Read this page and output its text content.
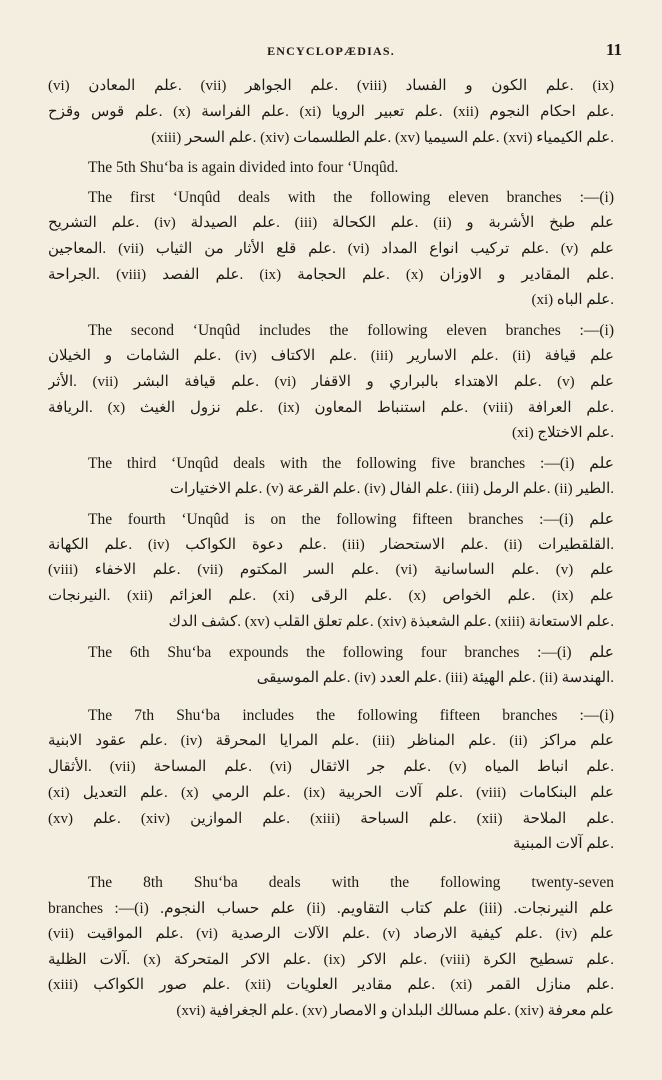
ENCYCLOPÆDIAS.	11
(ix) .علم الكون و الفساد (viii) .علم الجواهر (vii) .علم المعادن (vi)
.علم احكام النجوم (xii) .علم تعبير الرويا (xi) .علم الفراسة (x) .علم قوس وقزح
.علم الكيمياء (xvi) .علم السيميا (xv) .علم الطلسمات (xiv) .علم السحر (xiii)
The 5th Shu‘ba is again divided into four ‘Unqûd.
The first ‘Unqûd deals with the following eleven branches :—(i)
علم طبخ الأشربة و (ii) .علم الكحالة (iii) .علم الصيدلة (iv) .علم التشريح
علم (v) .علم تركيب انواع المداد (vi) .علم قلع الأثار من الثياب (vii) .المعاجين
.علم المقادير و الاوزان (x) .علم الحجامة (ix) .علم الفصد (viii) .الجراحة
.علم الباه (xi)
The second ‘Unqûd includes the following eleven branches :—(i)
علم قيافة (ii) .علم الاسارير (iii) .علم الاكتاف (iv) .علم الشامات و الخيلان
علم (v) .علم الاهتداء بالبراري و الاقفار (vi) .علم قيافة البشر (vii) .الأثر
.علم العرافة (viii) .علم استنباط المعاون (ix) .علم نزول الغيث (x) .الريافة
.علم الاختلاج (xi)
The third ‘Unqûd deals with the following five branches :—(i) علم
.الطير (ii) .علم الرمل (iii) .علم الفال (iv) .علم القرعة (v) .علم الاختيارات
The fourth ‘Unqûd is on the following fifteen branches :—(i) علم
.القلقطيرات (ii) .علم الاستحضار (iii) .علم دعوة الكواكب (iv) .علم الكهانة
علم (v) .علم الساسانية (vi) .علم السر المكتوم (vii) .علم الاخفاء (viii)
علم (ix) .علم الخواص (x) .علم الرقى (xi) .علم العزائم (xii) .النيرنجات
.علم الاستعانة (xiii) .علم الشعبذة (xiv) .علم تعلق القلب (xv) .كشف الدك
The 6th Shu‘ba expounds the following four branches :—(i) علم
.الهندسة (ii) .علم الهيئة (iii) .علم العدد (iv) .علم الموسيقى
The 7th Shu‘ba includes the following fifteen branches :—(i)
علم مراكز (ii) .علم المناظر (iii) .علم المرايا المحرقة (iv) .علم عقود الابنية
.علم انباط المياه (v) .علم جر الاثقال (vi) .علم المساحة (vii) .الأثقال
علم البنكامات (viii) .علم آلات الحربية (ix) .علم الرمي (x) .علم التعديل (xi)
.علم الملاحة (xii) .علم السباحة (xiii) .علم الموازين (xiv) .علم (xv)
.علم آلات المبنية
The 8th Shu‘ba deals with the following twenty-seven
branches :—(i) .علم حساب النجوم (ii) .علم كتاب التقاويم (iii) .علم النيرنجات
علم (iv) .علم كيفية الارصاد (v) .علم الآلات الرصدية (vi) .علم المواقيت (vii)
.علم تسطيح الكرة (viii) .علم الاكر (ix) .علم الاكر المتحركة (x) .آلات الظلية
.علم منازل القمر (xi) .علم مقادير العلويات (xii) .علم صور الكواكب (xiii)
علم معرفة (xiv) .علم مسالك البلدان و الامصار (xv) .علم الجغرافية (xvi)
